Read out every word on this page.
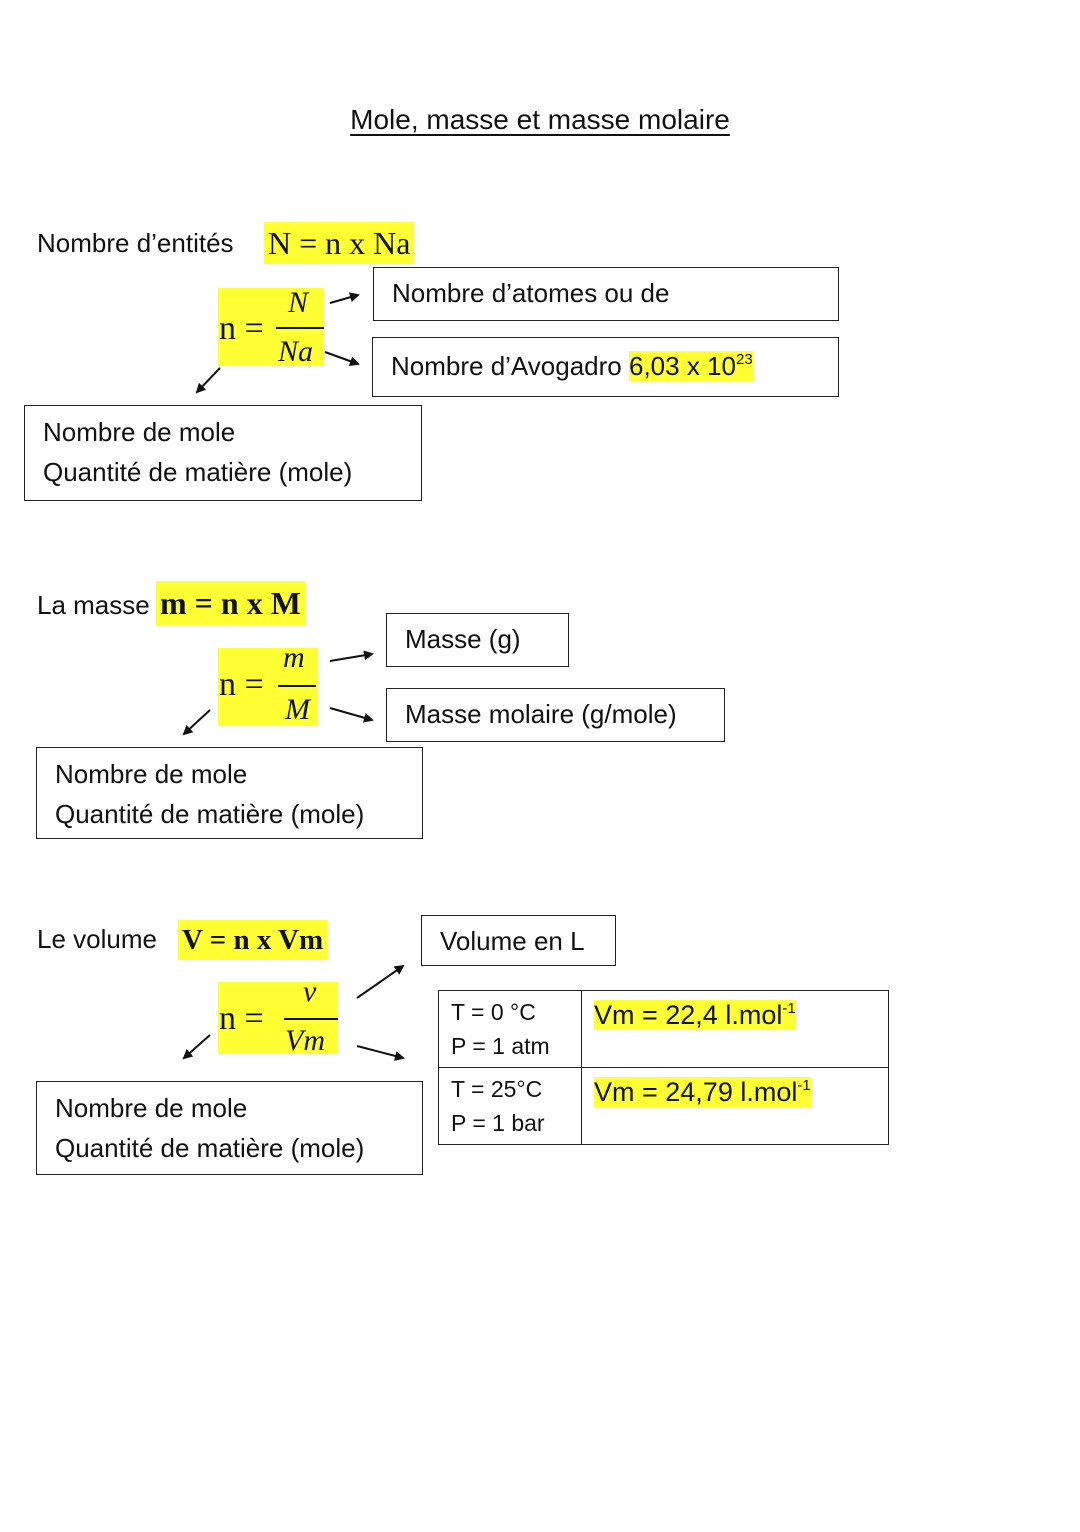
Mole, masse et masse molaire
Nombre d’entités N = n x Na
n =
N
Na
Nombre d’atomes ou de
Nombre d’Avogadro 6,03 x $10^{23}$
Nombre de mole
Quantité de matière (mole)
La masse m = n x M
n =
m
M
Masse (g)
Masse molaire (g/mole)
Nombre de mole
Quantité de matière (mole)
Le volume V = n x Vm
n =
v
Vm
Volume en L
T = 0 °C
P = 1 atm	Vm = 22,4 l.mol$^{-1}$

T = 25°C
P = 1 bar	Vm = 24,79 l.mol$^{-1}$
Nombre de mole
Quantité de matière (mole)
